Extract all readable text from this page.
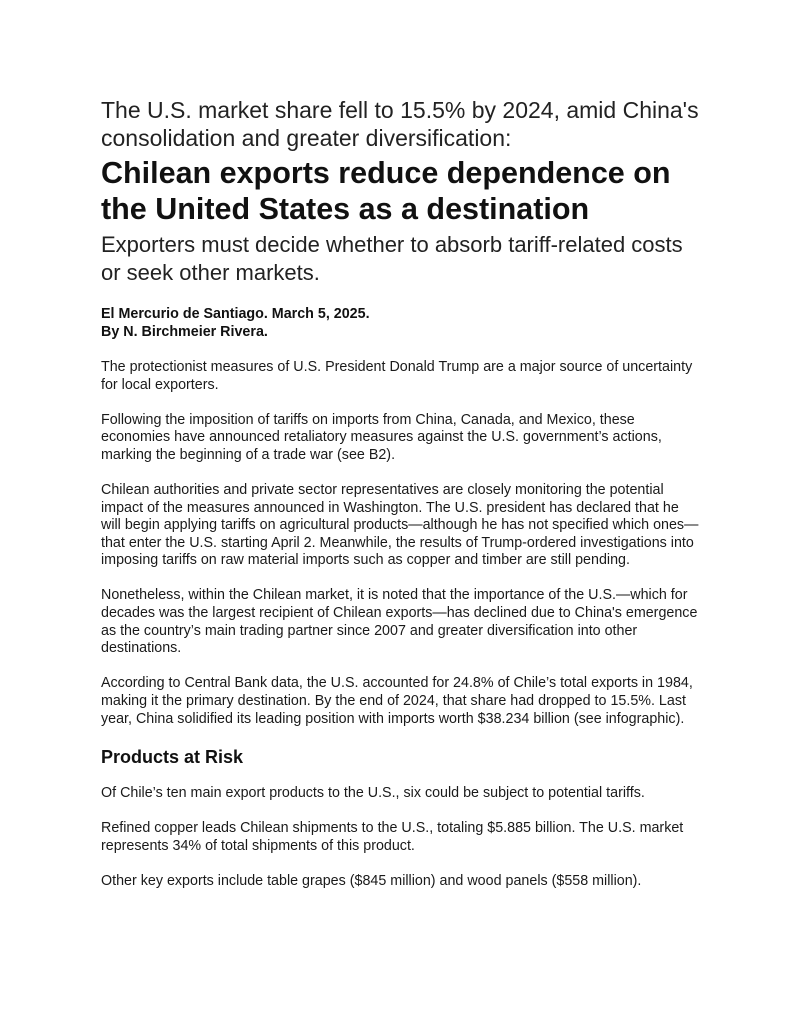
The U.S. market share fell to 15.5% by 2024, amid China's consolidation and greater diversification:
Chilean exports reduce dependence on the United States as a destination
Exporters must decide whether to absorb tariff-related costs or seek other markets.
El Mercurio de Santiago. March 5, 2025.
By N. Birchmeier Rivera.

The protectionist measures of U.S. President Donald Trump are a major source of uncertainty for local exporters.

Following the imposition of tariffs on imports from China, Canada, and Mexico, these economies have announced retaliatory measures against the U.S. government’s actions, marking the beginning of a trade war (see B2).

Chilean authorities and private sector representatives are closely monitoring the potential impact of the measures announced in Washington. The U.S. president has declared that he will begin applying tariffs on agricultural products—although he has not specified which ones—that enter the U.S. starting April 2. Meanwhile, the results of Trump-ordered investigations into imposing tariffs on raw material imports such as copper and timber are still pending.

Nonetheless, within the Chilean market, it is noted that the importance of the U.S.—which for decades was the largest recipient of Chilean exports—has declined due to China's emergence as the country’s main trading partner since 2007 and greater diversification into other destinations.

According to Central Bank data, the U.S. accounted for 24.8% of Chile’s total exports in 1984, making it the primary destination. By the end of 2024, that share had dropped to 15.5%. Last year, China solidified its leading position with imports worth $38.234 billion (see infographic).

Products at Risk

Of Chile’s ten main export products to the U.S., six could be subject to potential tariffs.

Refined copper leads Chilean shipments to the U.S., totaling $5.885 billion. The U.S. market represents 34% of total shipments of this product.

Other key exports include table grapes ($845 million) and wood panels ($558 million).
